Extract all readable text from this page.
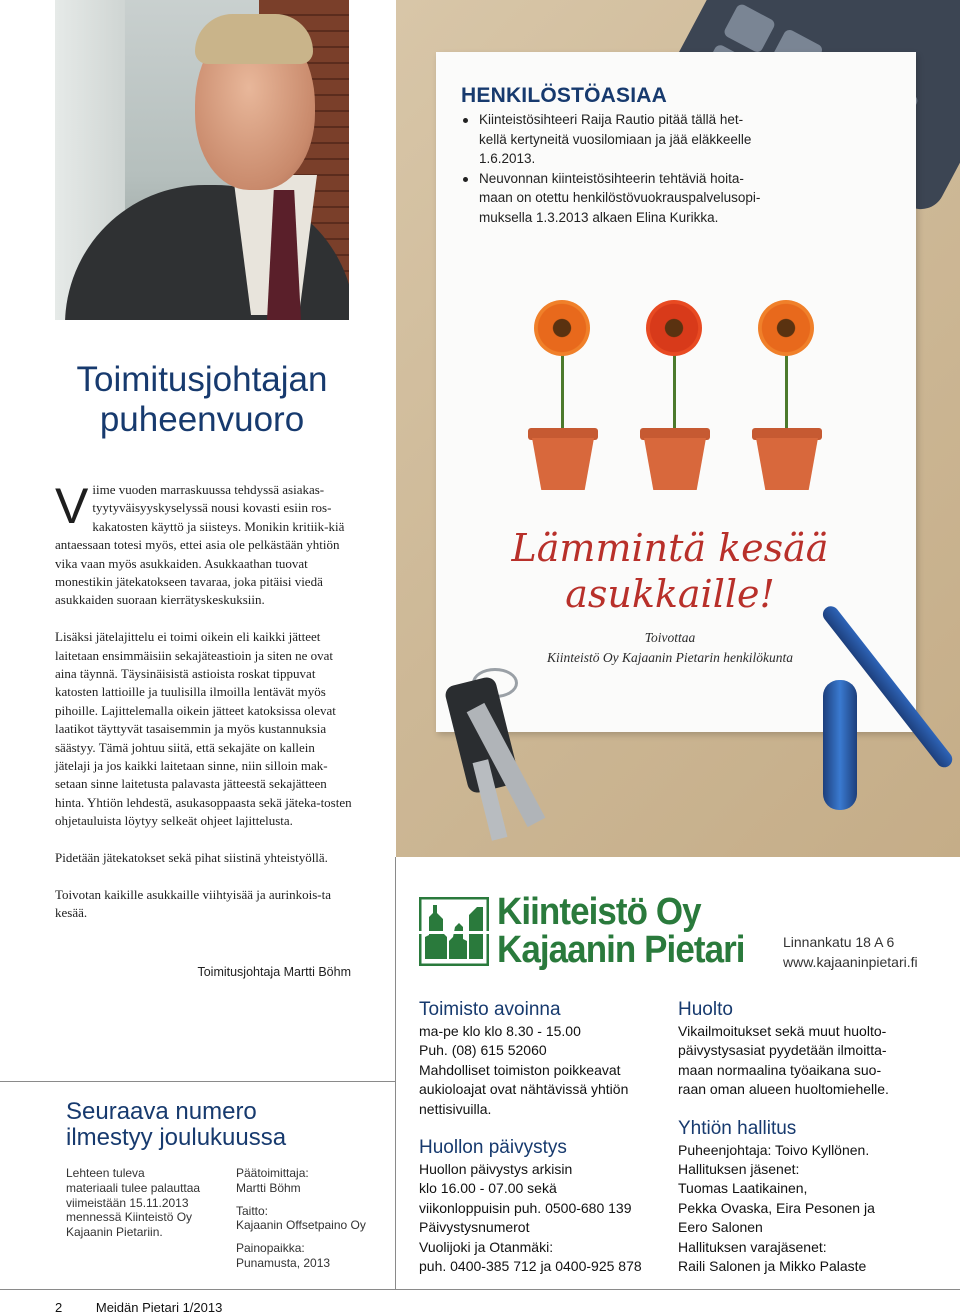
Lämmintä kesää
asukkaille!
Toivottaa
Kiinteistö Oy Kajaanin Pietarin henkilökunta
HENKILÖSTÖASIAA
Kiinteistösihteeri Raija Rautio pitää tällä het-
kellä kertyneitä vuosilomiaan ja jää eläkkeelle
1.6.2013.
Neuvonnan kiinteistösihteerin tehtäviä hoita-
maan on otettu henkilöstövuokrauspalvelusopi-
muksella 1.3.2013 alkaen Elina Kurikka.
Toimitusjohtajan
puheenvuoro

Viime vuoden marraskuussa tehdyssä asiakas-tyytyväisyyskyselyssä nousi kovasti esiin ros-kakatosten käyttö ja siisteys. Monikin kritiik-kiä antaessaan totesi myös, ettei asia ole pelkästään yhtiön vika vaan myös asukkaiden. Asukkaathan tuovat monestikin jätekatokseen tavaraa, joka pitäisi viedä asukkaiden suoraan kierrätyskeskuksiin.

Lisäksi jätelajittelu ei toimi oikein eli kaikki jätteet laitetaan ensimmäisiin sekajäteastioin ja siten ne ovat aina täynnä. Täysinäisistä astioista roskat tippuvat katosten lattioille ja tuulisilla ilmoilla lentävät myös pihoille. Lajittelemalla oikein jätteet katoksissa olevat laatikot täyttyvät tasaisemmin ja myös kustannuksia säästyy. Tämä johtuu siitä, että sekajäte on kallein jätelaji ja jos kaikki laitetaan sinne, niin silloin mak-setaan sinne laitetusta palavasta jätteestä sekajätteen hinta. Yhtiön lehdestä, asukasoppaasta sekä jäteka-tosten ohjetauluista löytyy selkeät ohjeet lajittelusta.

Pidetään jätekatokset sekä pihat siistinä yhteistyöllä.

Toivotan kaikille asukkaille viihtyisää ja aurinkois-ta kesää.

Toimitusjohtaja Martti Böhm
Seuraava numero
ilmestyy joulukuussa
Lehteen tuleva
materiaali tulee palauttaa
viimeistään 15.11.2013
mennessä Kiinteistö Oy
Kajaanin Pietariin.
Päätoimittaja:
Martti Böhm
Taitto:
Kajaanin Offsetpaino Oy
Painopaikka:
Punamusta, 2013
Kiinteistö Oy
Kajaanin Pietari	Linnankatu 18 A 6
www.kajaaninpietari.fi
Toimisto avoinna

ma-pe klo klo 8.30 - 15.00

Puh. (08) 615 52060

Mahdolliset toimiston poikkeavat

aukioloajat ovat nähtävissä yhtiön

nettisivuilla.

Huollon päivystys

Huollon päivystys arkisin

klo 16.00 - 07.00 sekä

viikonloppuisin puh. 0500-680 139

Päivystysnumerot

Vuolijoki ja Otanmäki:

puh. 0400-385 712 ja 0400-925 878

Huolto

Vikailmoitukset sekä muut huolto-

päivystysasiat pyydetään ilmoitta-

maan normaalina työaikana suo-

raan oman alueen huoltomiehelle.

Yhtiön hallitus

Puheenjohtaja: Toivo Kyllönen.

Hallituksen jäsenet:

Tuomas Laatikainen,

Pekka Ovaska, Eira Pesonen ja

Eero Salonen

Hallituksen varajäsenet:

Raili Salonen ja Mikko Palaste

2	Meidän Pietari 1/2013
